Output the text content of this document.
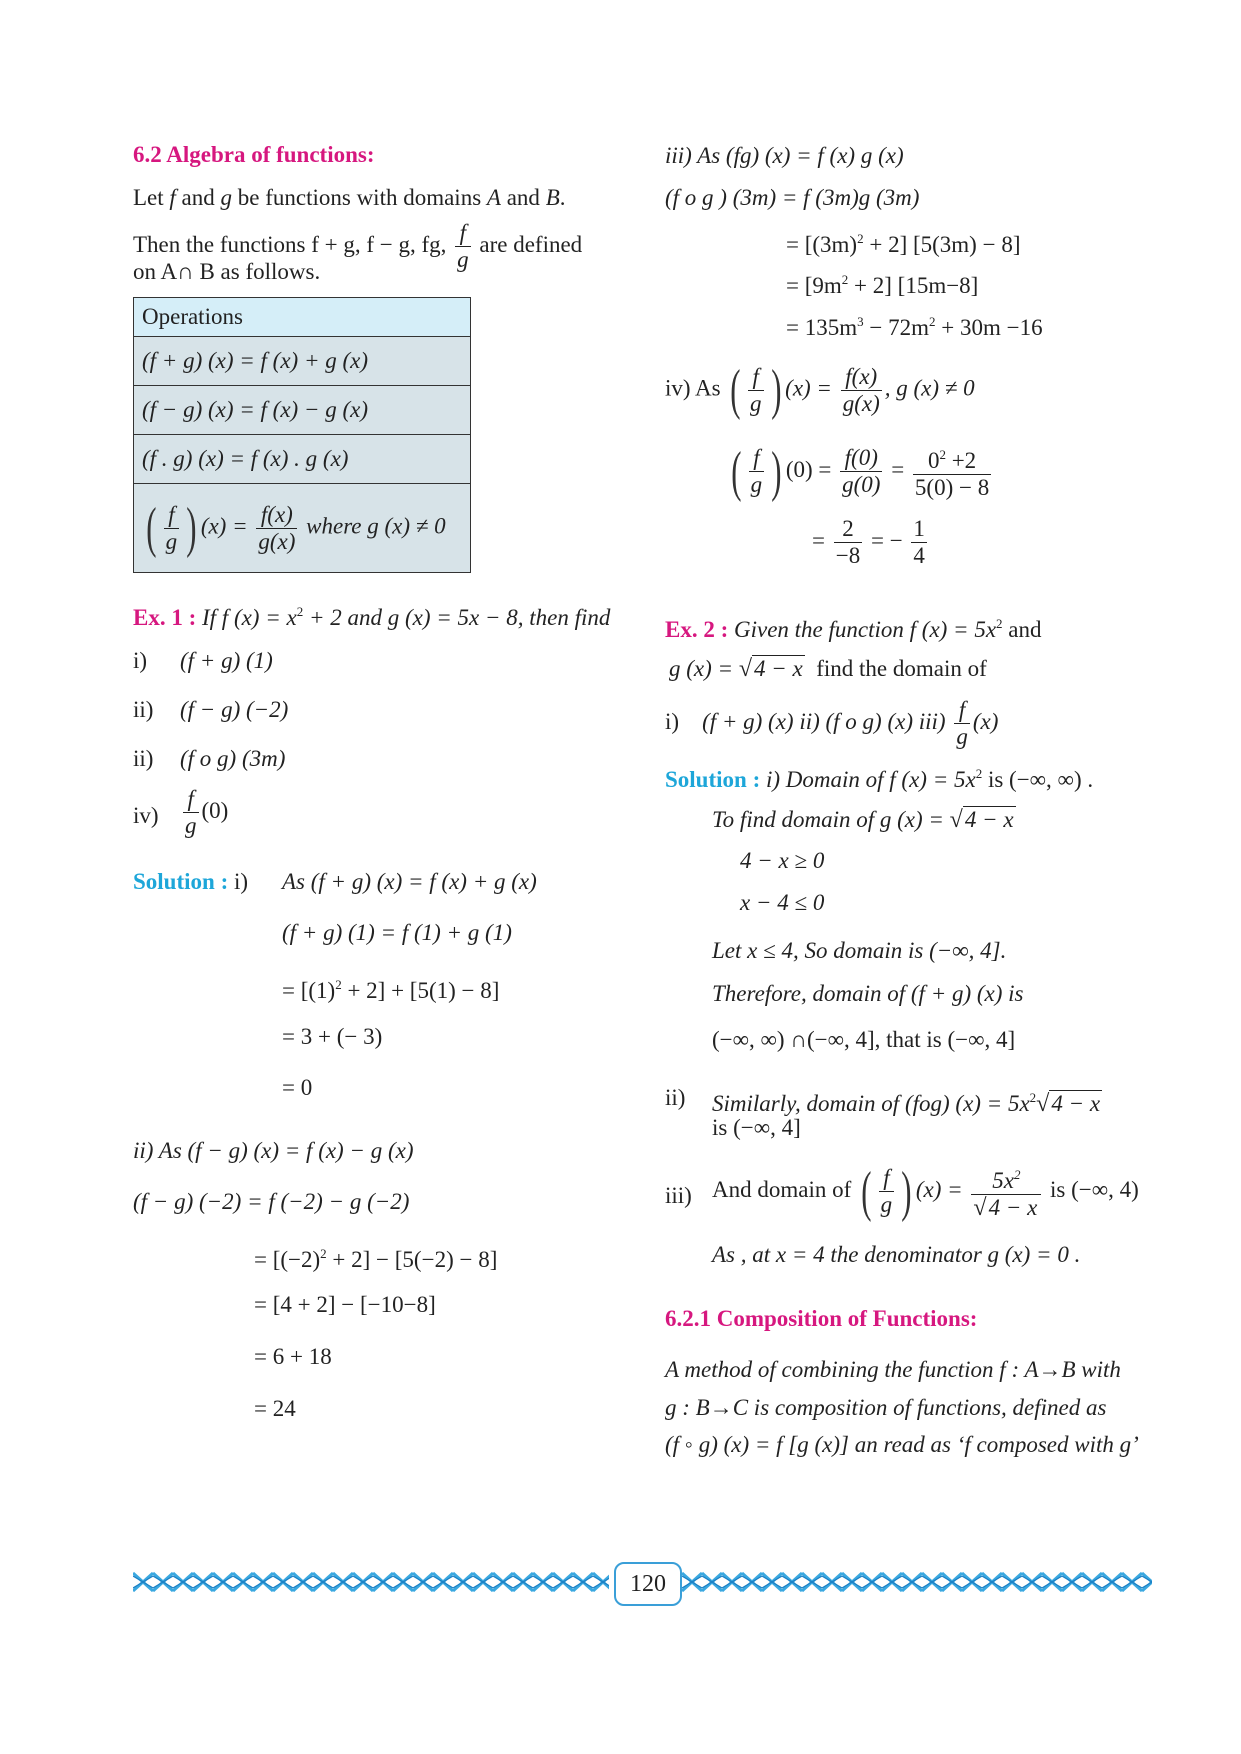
6.2 Algebra of functions:
Let f and g be functions with domains A and B.
Then the functions f + g, f − g, fg, $\frac{f}{g}$ are defined
on A∩ B as follows.
Operations
(f + g) (x) = f (x) + g (x)
(f − g) (x) = f (x) − g (x)
(f . g) (x) = f (x) . g (x)
( $\frac{f}{g}$ ) $(x) = \frac{f(x)}{g(x)}$ where g (x) ≠ 0
Ex. 1 : If f $(x) = x^2 + 2$ and g (x) = 5x − 8, then find
i) (f + g) (1)
ii) (f − g) (−2)
ii) (f ο g) (3m)
$iv) \frac{f}{g} (0)$
Solution : i) As (f + g) (x) = f (x) + g (x)
(f + g) (1) = f (1) + g (1)
= $[(1)^2 + 2] + [5(1) - 8]$
= 3 + (− 3)
= 0
ii) As (f − g) (x) = f (x) − g (x)
(f − g) (−2) = f (−2) − g (−2)
= $[(-2)^2 + 2] - [5(-2) - 8]$
= [4 + 2] − [−10−8]
= 6 + 18
= 24
iii) As (fg) (x) = f (x) g (x)
(f ο g ) (3m) = f (3m)g (3m)
= $[(3m)^2 + 2] [5(3m) - 8]$
= $[9m^2 + 2]$ [15m−8]
= $135m^3 - 72m^2 + 30m -16$
iv) As ( $\frac{f}{g}$ ) $(x) = \frac{f(x)}{g(x)}$ , g (x) ≠ 0
( $\frac{f}{g}$ ) $(0) = \frac{f(0)}{g(0)} = \frac{0^2 +2}{5(0) - 8}$
= $\frac{2}{-8}$ = − $\frac{1}{4}$
Ex. 2 : Given the function f $(x) = 5x^2$ and
g (x) = √4 − x find the domain of
i) (f + g) (x) ii) (f ο g) (x) $iii) \frac{f}{g} (x)$
Solution : i) Domain of f $(x) = 5x^2$ is (−∞, ∞) .
To find domain of g (x) = √4 − x
4 − x ≥ 0
x − 4 ≤ 0
Let x ≤ 4, So domain is (−∞, 4].
Therefore, domain of (f + g) (x) is
(−∞, ∞) ∩(−∞, 4], that is (−∞, 4]
ii) Similarly, domain of (fοg) $(x) = 5x^2√4 - x$
is (−∞, 4]
iii) And domain of ( $\frac{f}{g}$ ) $(x) = \frac{5x^2}{√4 - x}$ is (−∞, 4)
As , at x = 4 the denominator g (x) = 0 .
6.2.1 Composition of Functions:
A method of combining the function f : A→B with
g : B→C is composition of functions, defined as
(f ◦ g) (x) = f [g (x)] an read as ‘f composed with g’
120
